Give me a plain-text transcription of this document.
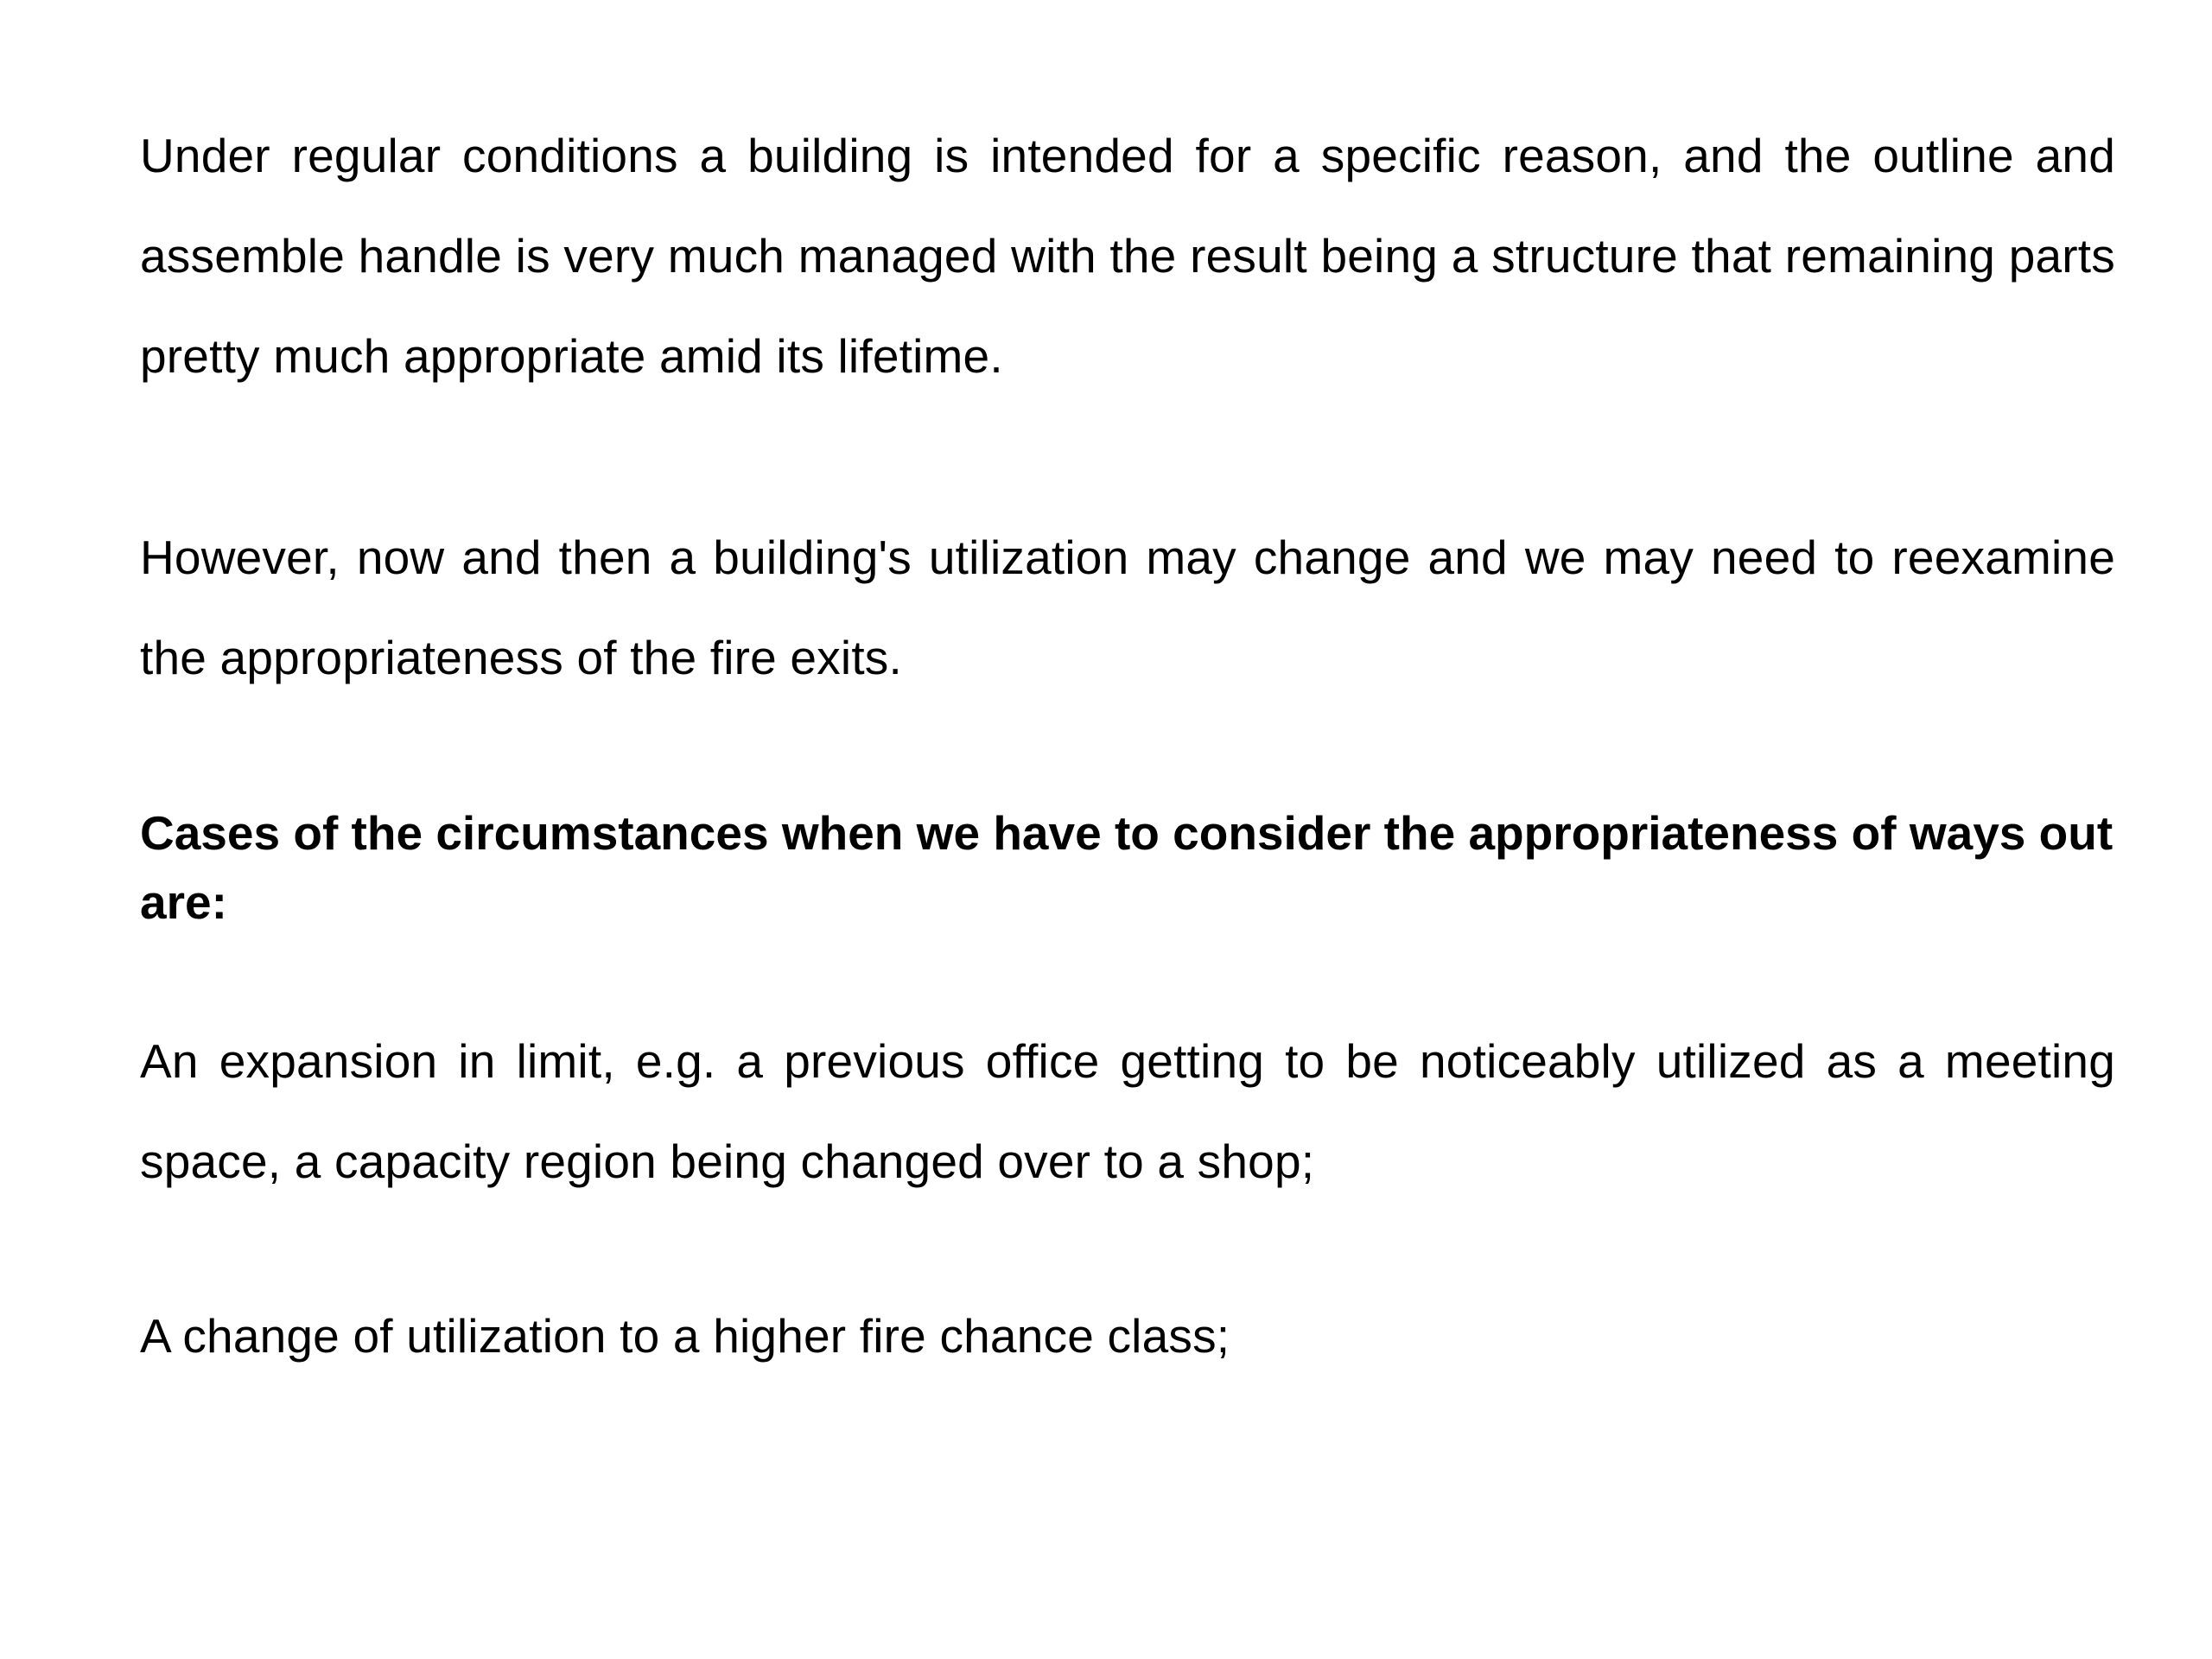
Under regular conditions a building is intended for a specific reason, and the outline and assemble handle is very much managed with the result being a structure that remaining parts pretty much appropriate amid its lifetime.

However, now and then a building's utilization may change and we may need to reexamine the appropriateness of the fire exits.

Cases of the circumstances when we have to consider the appropriateness of ways out are:

An expansion in limit, e.g. a previous office getting to be noticeably utilized as a meeting space, a capacity region being changed over to a shop;

A change of utilization to a higher fire chance class;
